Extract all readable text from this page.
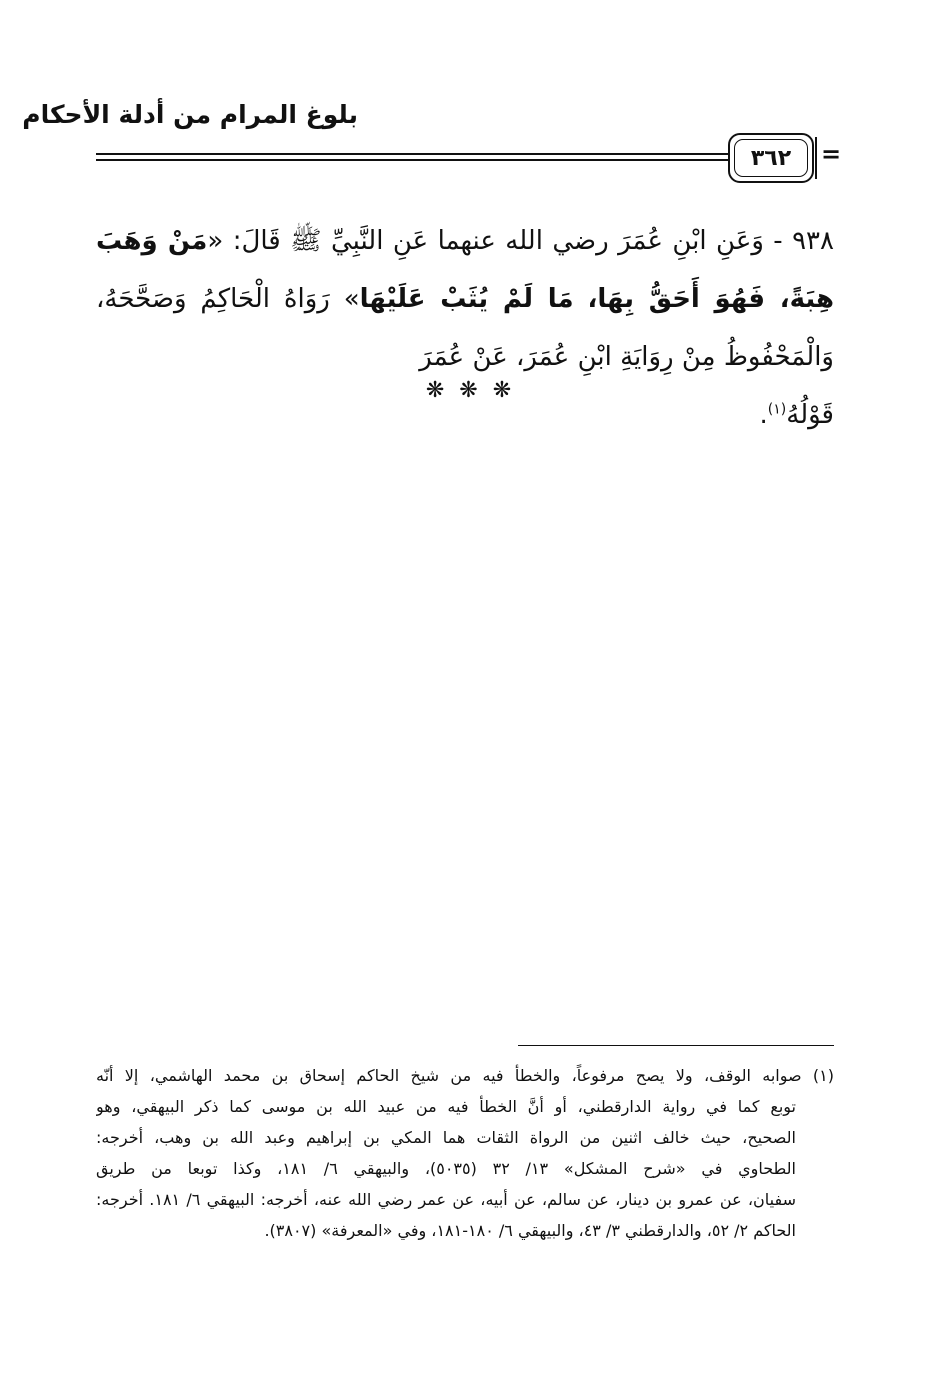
بلوغ المرام من أدلة الأحكام
٣٦٢	=
٩٣٨ - وَعَنِ ابْنِ عُمَرَ رضي الله عنهما عَنِ النَّبِيِّ ﷺ قَالَ: «مَنْ وَهَبَ هِبَةً، فَهُوَ أَحَقُّ بِهَا، مَا لَمْ يُثَبْ عَلَيْهَا» رَوَاهُ الْحَاكِمُ وَصَحَّحَهُ، وَالْمَحْفُوظُ مِنْ رِوَايَةِ ابْنِ عُمَرَ، عَنْ عُمَرَ
قَوْلُهُ$^{(١)}$.
❋ ❋ ❋
(١) صوابه الوقف، ولا يصح مرفوعاً، والخطأ فيه من شيخ الحاكم إسحاق بن محمد الهاشمي، إلا أنّه
توبع كما في رواية الدارقطني، أو أنَّ الخطأ فيه من عبيد الله بن موسى كما ذكر البيهقي، وهو
الصحيح، حيث خالف اثنين من الرواة الثقات هما المكي بن إبراهيم وعبد الله بن وهب، أخرجه:
الطحاوي في «شرح المشكل» ١٣/ ٣٢ (٥٠٣٥)، والبيهقي ٦/ ١٨١، وكذا توبعا من طريق
سفيان، عن عمرو بن دينار، عن سالم، عن أبيه، عن عمر رضي الله عنه، أخرجه: البيهقي ٦/ ١٨١. أخرجه:
الحاكم ٢/ ٥٢، والدارقطني ٣/ ٤٣، والبيهقي ٦/ ١٨٠-١٨١، وفي «المعرفة» (٣٨٠٧).
